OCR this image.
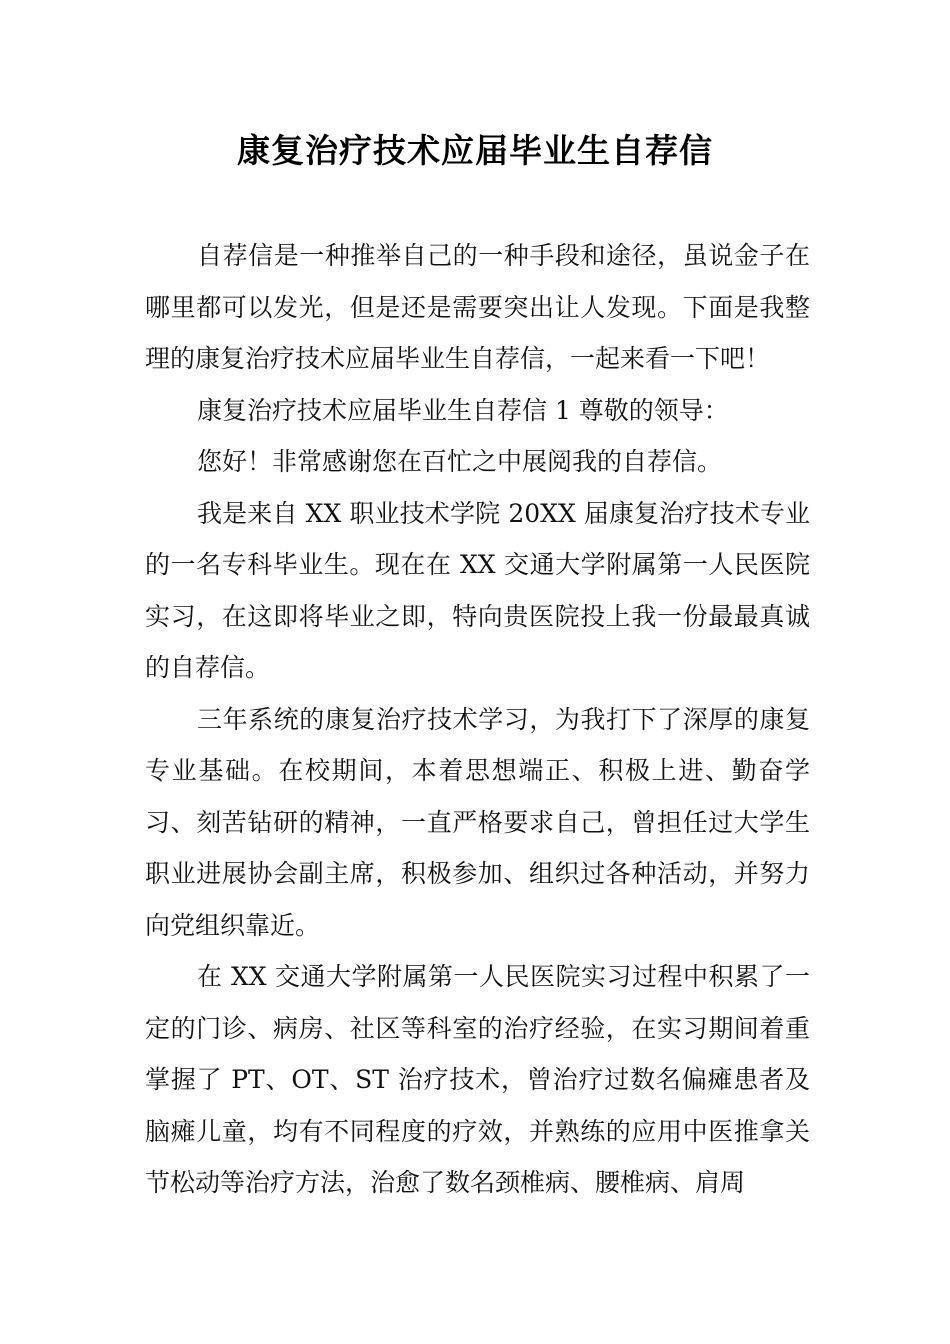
康复治疗技术应届毕业生自荐信

自荐信是一种推举自己的一种手段和途径，虽说金子在哪里都可以发光，但是还是需要突出让人发现。下面是我整理的康复治疗技术应届毕业生自荐信，一起来看一下吧！

康复治疗技术应届毕业生自荐信 1 尊敬的领导：

您好！非常感谢您在百忙之中展阅我的自荐信。

我是来自 XX 职业技术学院 20XX 届康复治疗技术专业的一名专科毕业生。现在在 XX 交通大学附属第一人民医院实习，在这即将毕业之即，特向贵医院投上我一份最最真诚的自荐信。

三年系统的康复治疗技术学习，为我打下了深厚的康复专业基础。在校期间，本着思想端正、积极上进、勤奋学习、刻苦钻研的精神，一直严格要求自己，曾担任过大学生职业进展协会副主席，积极参加、组织过各种活动，并努力向党组织靠近。

在 XX 交通大学附属第一人民医院实习过程中积累了一定的门诊、病房、社区等科室的治疗经验，在实习期间着重掌握了 PT、OT、ST 治疗技术，曾治疗过数名偏瘫患者及脑瘫儿童，均有不同程度的疗效，并熟练的应用中医推拿关节松动等治疗方法，治愈了数名颈椎病、腰椎病、肩周
